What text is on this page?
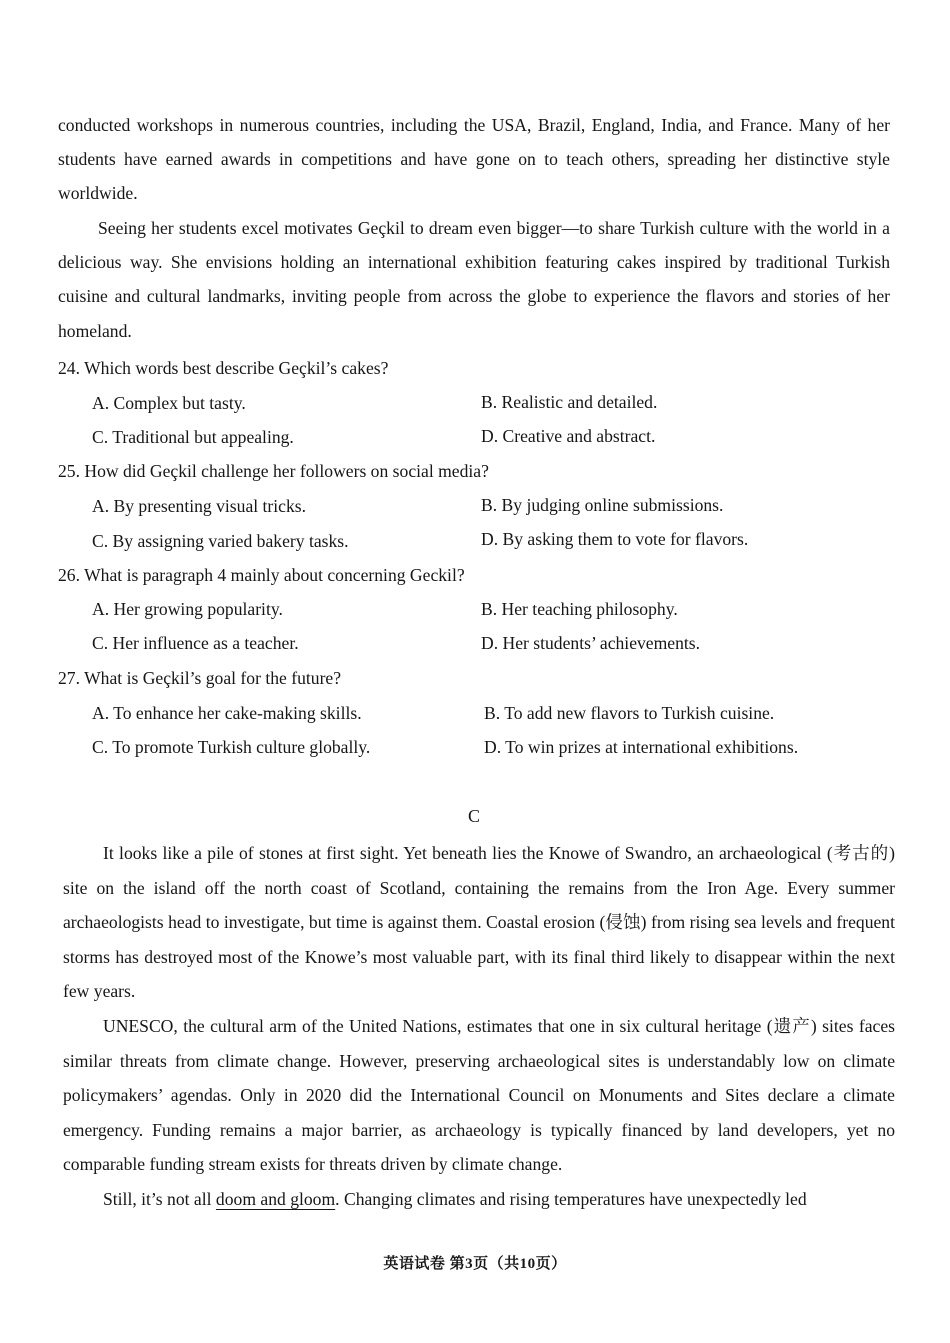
conducted workshops in numerous countries, including the USA, Brazil, England, India, and France. Many of her students have earned awards in competitions and have gone on to teach others, spreading her distinctive style worldwide.

Seeing her students excel motivates Geçkil to dream even bigger—to share Turkish culture with the world in a delicious way. She envisions holding an international exhibition featuring cakes inspired by traditional Turkish cuisine and cultural landmarks, inviting people from across the globe to experience the flavors and stories of her homeland.

24. Which words best describe Geçkil’s cakes?

A. Complex but tasty.	B. Realistic and detailed.

C. Traditional but appealing.	D. Creative and abstract.

25. How did Geçkil challenge her followers on social media?

A. By presenting visual tricks.	B. By judging online submissions.

C. By assigning varied bakery tasks.	D. By asking them to vote for flavors.

26. What is paragraph 4 mainly about concerning Geckil?

A. Her growing popularity.	B. Her teaching philosophy.

C. Her influence as a teacher.	D. Her students’ achievements.

27. What is Geçkil’s goal for the future?

A. To enhance her cake-making skills.	B. To add new flavors to Turkish cuisine.

C. To promote Turkish culture globally.	D. To win prizes at international exhibitions.

C

It looks like a pile of stones at first sight. Yet beneath lies the Knowe of Swandro, an archaeological (考古的) site on the island off the north coast of Scotland, containing the remains from the Iron Age. Every summer archaeologists head to investigate, but time is against them. Coastal erosion (侵蚀) from rising sea levels and frequent storms has destroyed most of the Knowe’s most valuable part, with its final third likely to disappear within the next few years.

UNESCO, the cultural arm of the United Nations, estimates that one in six cultural heritage (遗产) sites faces similar threats from climate change. However, preserving archaeological sites is understandably low on climate policymakers’ agendas. Only in 2020 did the International Council on Monuments and Sites declare a climate emergency. Funding remains a major barrier, as archaeology is typically financed by land developers, yet no comparable funding stream exists for threats driven by climate change.

Still, it’s not all doom and gloom. Changing climates and rising temperatures have unexpectedly led

英语试卷 第3页（共10页）
